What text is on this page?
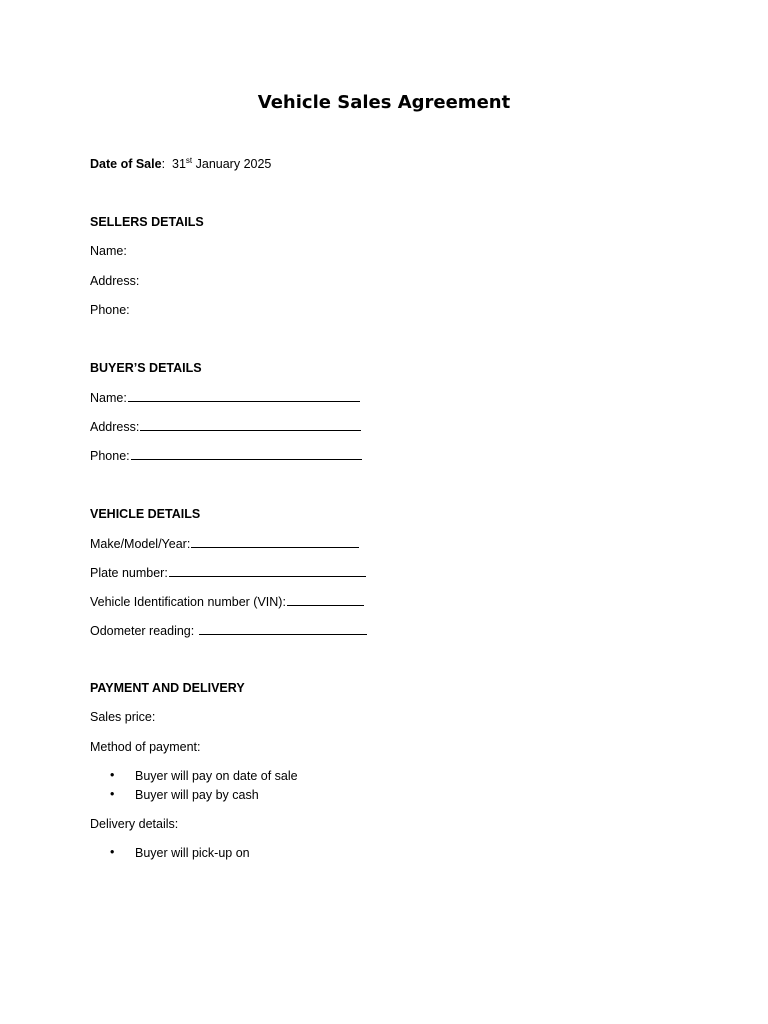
Vehicle Sales Agreement
Date of Sale: 31st January 2025
SELLERS DETAILS
Name:
Address:
Phone:
BUYER’S DETAILS
Name:
Address:
Phone:
VEHICLE DETAILS
Make/Model/Year:
Plate number:
Vehicle Identification number (VIN):
Odometer reading:
PAYMENT AND DELIVERY
Sales price:
Method of payment:
• Buyer will pay on date of sale
• Buyer will pay by cash
Delivery details:
• Buyer will pick-up on
